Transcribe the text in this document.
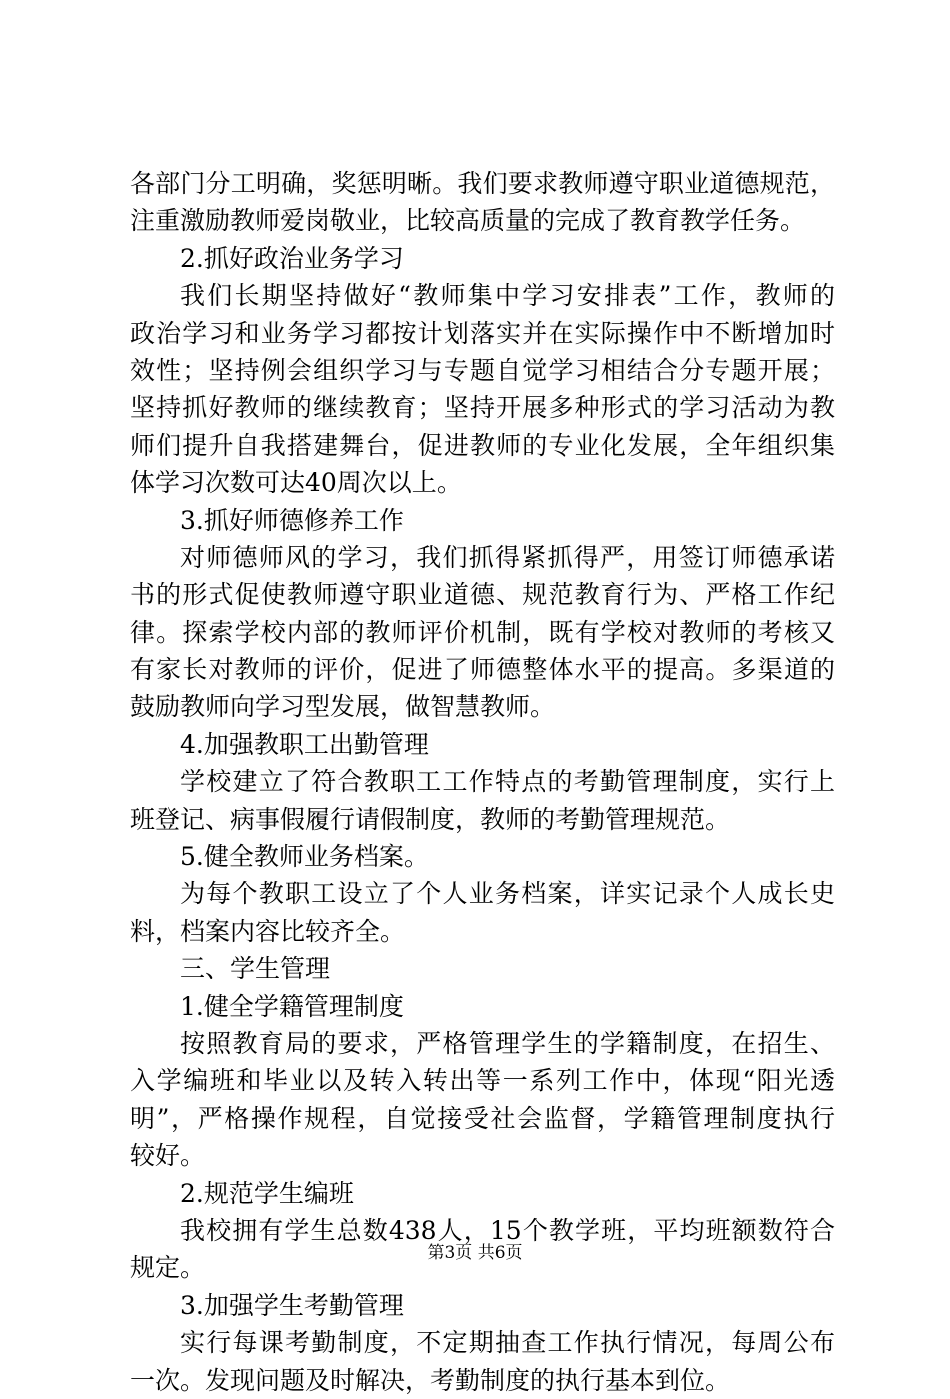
各部门分工明确，奖惩明晰。我们要求教师遵守职业道德规范，
注重激励教师爱岗敬业，比较高质量的完成了教育教学任务。
2.抓好政治业务学习
我们长期坚持做好“教师集中学习安排表”工作，教师的
政治学习和业务学习都按计划落实并在实际操作中不断增加时
效性；坚持例会组织学习与专题自觉学习相结合分专题开展；
坚持抓好教师的继续教育；坚持开展多种形式的学习活动为教
师们提升自我搭建舞台，促进教师的专业化发展，全年组织集
体学习次数可达40周次以上。
3.抓好师德修养工作
对师德师风的学习，我们抓得紧抓得严，用签订师德承诺
书的形式促使教师遵守职业道德、规范教育行为、严格工作纪
律。探索学校内部的教师评价机制，既有学校对教师的考核又
有家长对教师的评价，促进了师德整体水平的提高。多渠道的
鼓励教师向学习型发展，做智慧教师。
4.加强教职工出勤管理
学校建立了符合教职工工作特点的考勤管理制度，实行上
班登记、病事假履行请假制度，教师的考勤管理规范。
5.健全教师业务档案。
为每个教职工设立了个人业务档案，详实记录个人成长史
料，档案内容比较齐全。
三、学生管理
1.健全学籍管理制度
按照教育局的要求，严格管理学生的学籍制度，在招生、
入学编班和毕业以及转入转出等一系列工作中，体现“阳光透
明”，严格操作规程，自觉接受社会监督，学籍管理制度执行
较好。
2.规范学生编班
我校拥有学生总数438人，15个教学班，平均班额数符合
规定。
3.加强学生考勤管理
实行每课考勤制度，不定期抽查工作执行情况，每周公布
一次。发现问题及时解决，考勤制度的执行基本到位。
第3页 共6页
